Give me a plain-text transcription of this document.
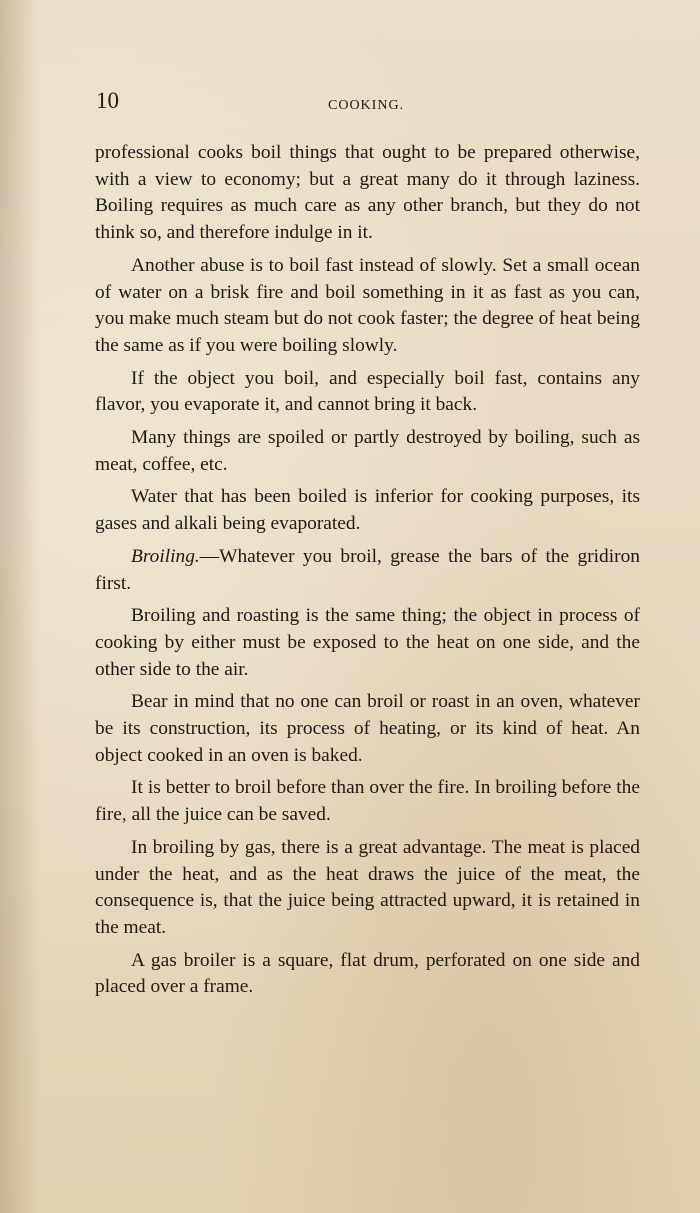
10	COOKING.

professional cooks boil things that ought to be prepared otherwise, with a view to economy; but a great many do it through laziness. Boiling requires as much care as any other branch, but they do not think so, and therefore indulge in it.

Another abuse is to boil fast instead of slowly. Set a small ocean of water on a brisk fire and boil something in it as fast as you can, you make much steam but do not cook faster; the degree of heat being the same as if you were boiling slowly.

If the object you boil, and especially boil fast, contains any flavor, you evaporate it, and cannot bring it back.

Many things are spoiled or partly destroyed by boiling, such as meat, coffee, etc.

Water that has been boiled is inferior for cooking purposes, its gases and alkali being evaporated.

Broiling.—Whatever you broil, grease the bars of the gridiron first.

Broiling and roasting is the same thing; the object in process of cooking by either must be exposed to the heat on one side, and the other side to the air.

Bear in mind that no one can broil or roast in an oven, whatever be its construction, its process of heating, or its kind of heat. An object cooked in an oven is baked.

It is better to broil before than over the fire. In broiling before the fire, all the juice can be saved.

In broiling by gas, there is a great advantage. The meat is placed under the heat, and as the heat draws the juice of the meat, the consequence is, that the juice being attracted upward, it is retained in the meat.

A gas broiler is a square, flat drum, perforated on one side and placed over a frame.
